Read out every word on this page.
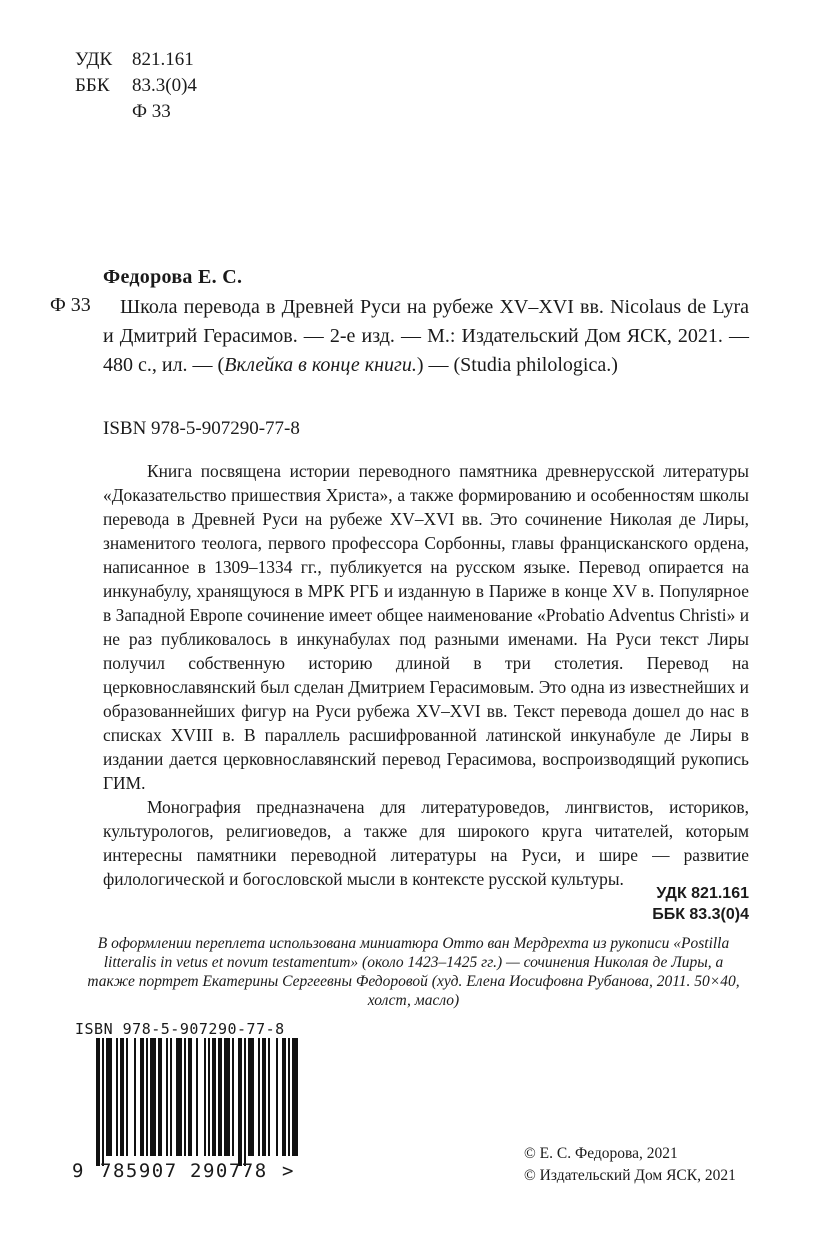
УДК 821.161
ББК 83.3(0)4
Ф 33
Федорова Е. С.
Ф 33	Школа перевода в Древней Руси на рубеже XV–XVI вв. Nicolaus de Lyra и Дмитрий Герасимов. — 2-е изд. — М.: Издательский Дом ЯСК, 2021. — 480 с., ил. — (Вклейка в конце книги.) — (Studia philologica.)
ISBN 978-5-907290-77-8

Книга посвящена истории переводного памятника древнерусской литературы «Доказательство пришествия Христа», а также формированию и особенностям школы перевода в Древней Руси на рубеже XV–XVI вв. Это сочинение Николая де Лиры, знаменитого теолога, первого профессора Сорбонны, главы францисканского ордена, написанное в 1309–1334 гг., публикуется на русском языке. Перевод опирается на инкунабулу, хранящуюся в МРК РГБ и изданную в Париже в конце XV в. Популярное в Западной Европе сочинение имеет общее наименование «Probatio Adventus Christi» и не раз публиковалось в инкунабулах под разными именами. На Руси текст Лиры получил собственную историю длиной в три столетия. Перевод на церковнославянский был сделан Дмитрием Герасимовым. Это одна из известнейших и образованнейших фигур на Руси рубежа XV–XVI вв. Текст перевода дошел до нас в списках XVIII в. В параллель расшифрованной латинской инкунабуле де Лиры в издании дается церковнославянский перевод Герасимова, воспроизводящий рукопись ГИМ.

Монография предназначена для литературоведов, лингвистов, историков, культурологов, религиоведов, а также для широкого круга читателей, которым интересны памятники переводной литературы на Руси, и шире — развитие филологической и богословской мысли в контексте русской культуры.

УДК 821.161
ББК 83.3(0)4
В оформлении переплета использована миниатюра Отто ван Мердрехта из рукописи «Postilla litteralis in vetus et novum testamentum» (около 1423–1425 гг.) — сочинения Николая де Лиры, а также портрет Екатерины Сергеевны Федоровой (худ. Елена Иосифовна Рубанова, 2011. 50×40, холст, масло)
ISBN 978-5-907290-77-8
9 785907 290778 >
© Е. С. Федорова, 2021
© Издательский Дом ЯСК, 2021
